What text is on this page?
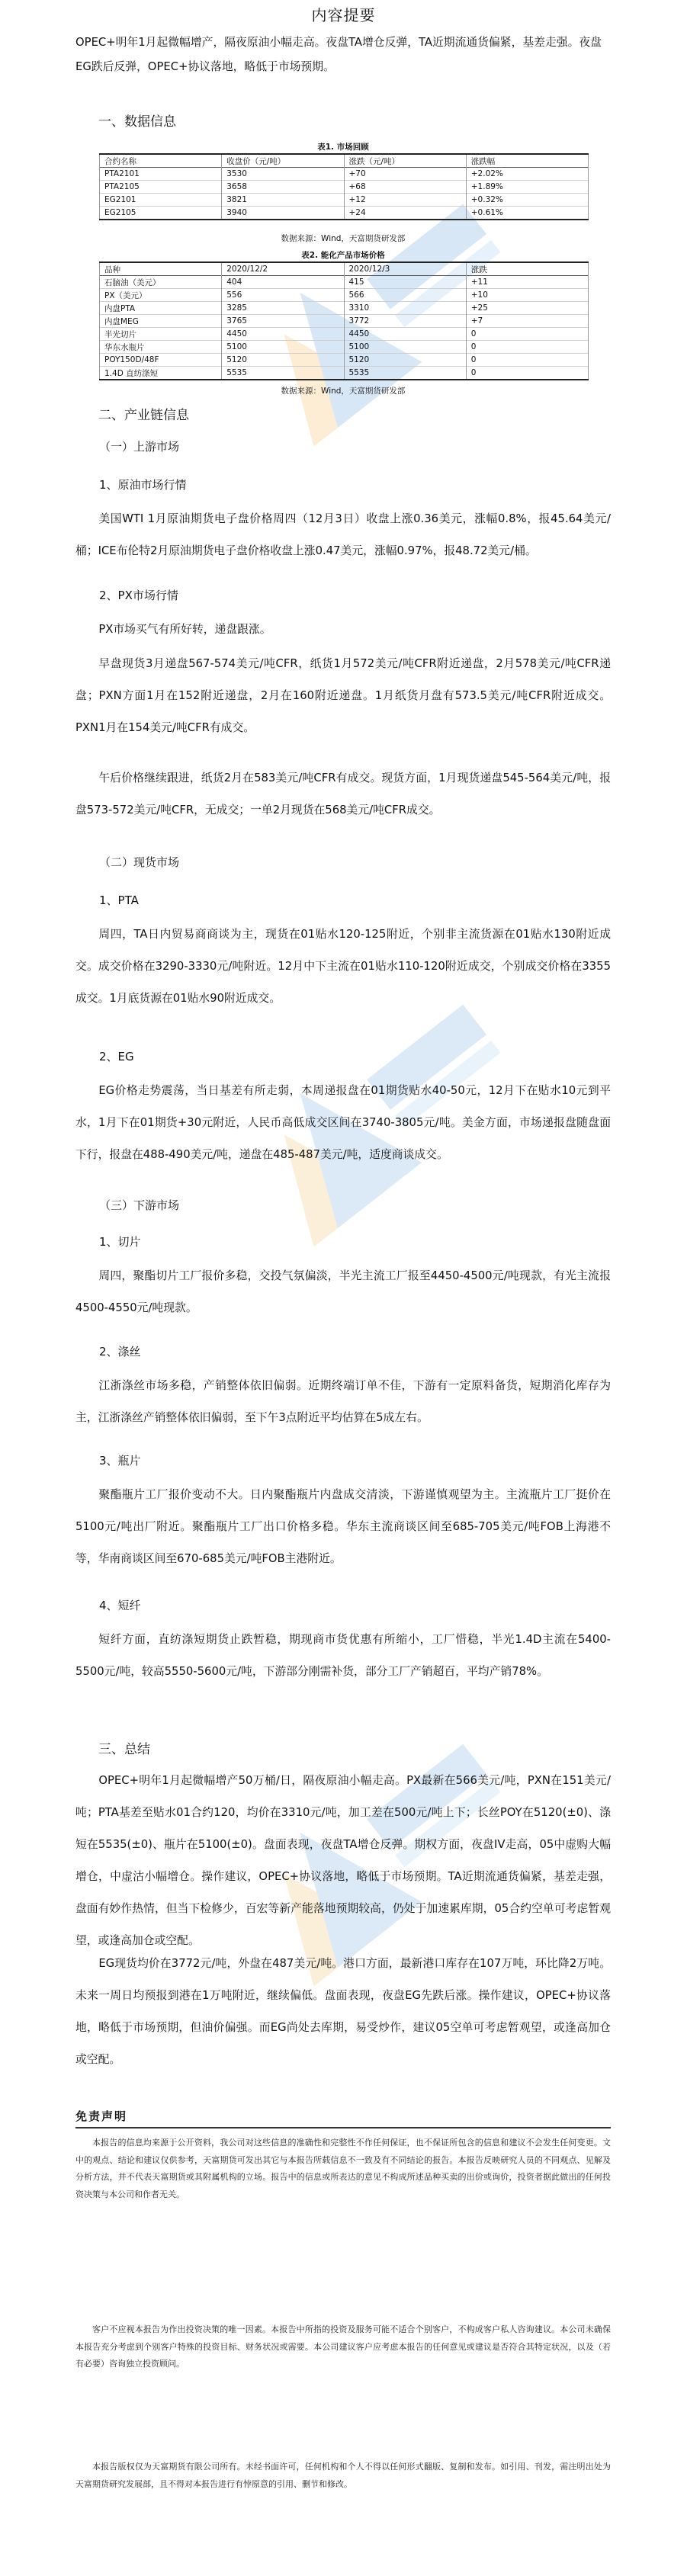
内容提要

OPEC+明年1月起微幅增产，隔夜原油小幅走高。夜盘TA增仓反弹，TA近期流通货偏紧，基差走强。夜盘EG跌后反弹，OPEC+协议落地，略低于市场预期。

一、数据信息
表1. 市场回顾
合约名称	收盘价（元/吨）	涨跌（元/吨）	涨跌幅
PTA2101	3530	+70	+2.02%
PTA2105	3658	+68	+1.89%
EG2101	3821	+12	+0.32%
EG2105	3940	+24	+0.61%
数据来源：Wind，天富期货研发部
表2. 能化产品市场价格
品种	2020/12/2	2020/12/3	涨跌
石脑油（美元）	404	415	+11
PX（美元）	556	566	+10
内盘PTA	3285	3310	+25
内盘MEG	3765	3772	+7
半光切片	4450	4450	0
华东水瓶片	5100	5100	0
POY150D/48F	5120	5120	0
1.4D 直纺涤短	5535	5535	0
数据来源：Wind，天富期货研发部
二、产业链信息
（一）上游市场
1、原油市场行情

美国WTI 1月原油期货电子盘价格周四（12月3日）收盘上涨0.36美元，涨幅0.8%，报45.64美元/桶；ICE布伦特2月原油期货电子盘价格收盘上涨0.47美元，涨幅0.97%，报48.72美元/桶。

2、PX市场行情

PX市场买气有所好转，递盘跟涨。

早盘现货3月递盘567-574美元/吨CFR，纸货1月572美元/吨CFR附近递盘，2月578美元/吨CFR递盘；PXN方面1月在152附近递盘，2月在160附近递盘。1月纸货月盘有573.5美元/吨CFR附近成交。PXN1月在154美元/吨CFR有成交。

午后价格继续跟进，纸货2月在583美元/吨CFR有成交。现货方面，1月现货递盘545-564美元/吨，报盘573-572美元/吨CFR，无成交；一单2月现货在568美元/吨CFR成交。

（二）现货市场
1、PTA

周四，TA日内贸易商商谈为主，现货在01贴水120-125附近，个别非主流货源在01贴水130附近成交。成交价格在3290-3330元/吨附近。12月中下主流在01贴水110-120附近成交，个别成交价格在3355成交。1月底货源在01贴水90附近成交。

2、EG

EG价格走势震荡，当日基差有所走弱，本周递报盘在01期货贴水40-50元，12月下在贴水10元到平水，1月下在01期货+30元附近，人民币高低成交区间在3740-3805元/吨。美金方面，市场递报盘随盘面下行，报盘在488-490美元/吨，递盘在485-487美元/吨，适度商谈成交。

（三）下游市场
1、切片

周四，聚酯切片工厂报价多稳，交投气氛偏淡，半光主流工厂报至4450-4500元/吨现款，有光主流报4500-4550元/吨现款。

2、涤丝

江浙涤丝市场多稳，产销整体依旧偏弱。近期终端订单不佳，下游有一定原料备货，短期消化库存为主，江浙涤丝产销整体依旧偏弱，至下午3点附近平均估算在5成左右。

3、瓶片

聚酯瓶片工厂报价变动不大。日内聚酯瓶片内盘成交清淡，下游谨慎观望为主。主流瓶片工厂挺价在5100元/吨出厂附近。聚酯瓶片工厂出口价格多稳。华东主流商谈区间至685-705美元/吨FOB上海港不等，华南商谈区间至670-685美元/吨FOB主港附近。

4、短纤

短纤方面，直纺涤短期货止跌暂稳，期现商市货优惠有所缩小，工厂惜稳，半光1.4D主流在5400-5500元/吨，较高5550-5600元/吨，下游部分刚需补货，部分工厂产销超百，平均产销78%。

三、总结

OPEC+明年1月起微幅增产50万桶/日，隔夜原油小幅走高。PX最新在566美元/吨，PXN在151美元/吨；PTA基差至贴水01合约120，均价在3310元/吨，加工差在500元/吨上下；长丝POY在5120(±0)、涤短在5535(±0)、瓶片在5100(±0)。盘面表现，夜盘TA增仓反弹。期权方面，夜盘IV走高，05中虚购大幅增仓，中虚沽小幅增仓。操作建议，OPEC+协议落地，略低于市场预期。TA近期流通货偏紧，基差走强，盘面有妙作热情，但当下检修少，百宏等新产能落地预期较高，仍处于加速累库期，05合约空单可考虑暂观望，或逢高加仓或空配。

EG现货均价在3772元/吨，外盘在487美元/吨。港口方面，最新港口库存在107万吨，环比降2万吨。未来一周日均预报到港在1万吨附近，继续偏低。盘面表现，夜盘EG先跌后涨。操作建议，OPEC+协议落地，略低于市场预期，但油价偏强。而EG尚处去库期，易受炒作，建议05空单可考虑暂观望，或逢高加仓或空配。

免责声明

本报告的信息均来源于公开资料，我公司对这些信息的准确性和完整性不作任何保证，也不保证所包含的信息和建议不会发生任何变更。文中的观点、结论和建议仅供参考，天富期货可发出其它与本报告所载信息不一致及有不同结论的报告。本报告反映研究人员的不同观点、见解及分析方法，并不代表天富期货或其附属机构的立场。报告中的信息或所表达的意见不构成所述品种买卖的出价或询价，投资者据此做出的任何投资决策与本公司和作者无关。

客户不应视本报告为作出投资决策的唯一因素。本报告中所指的投资及服务可能不适合个别客户，不构成客户私人咨询建议。本公司未确保本报告充分考虑到个别客户特殊的投资目标、财务状况或需要。本公司建议客户应考虑本报告的任何意见或建议是否符合其特定状况，以及（若有必要）咨询独立投资顾问。

本报告版权仅为天富期货有限公司所有。未经书面许可，任何机构和个人不得以任何形式翻版、复制和发布。如引用、刊发，需注明出处为天富期货研究发展部，且不得对本报告进行有悖原意的引用、删节和修改。
